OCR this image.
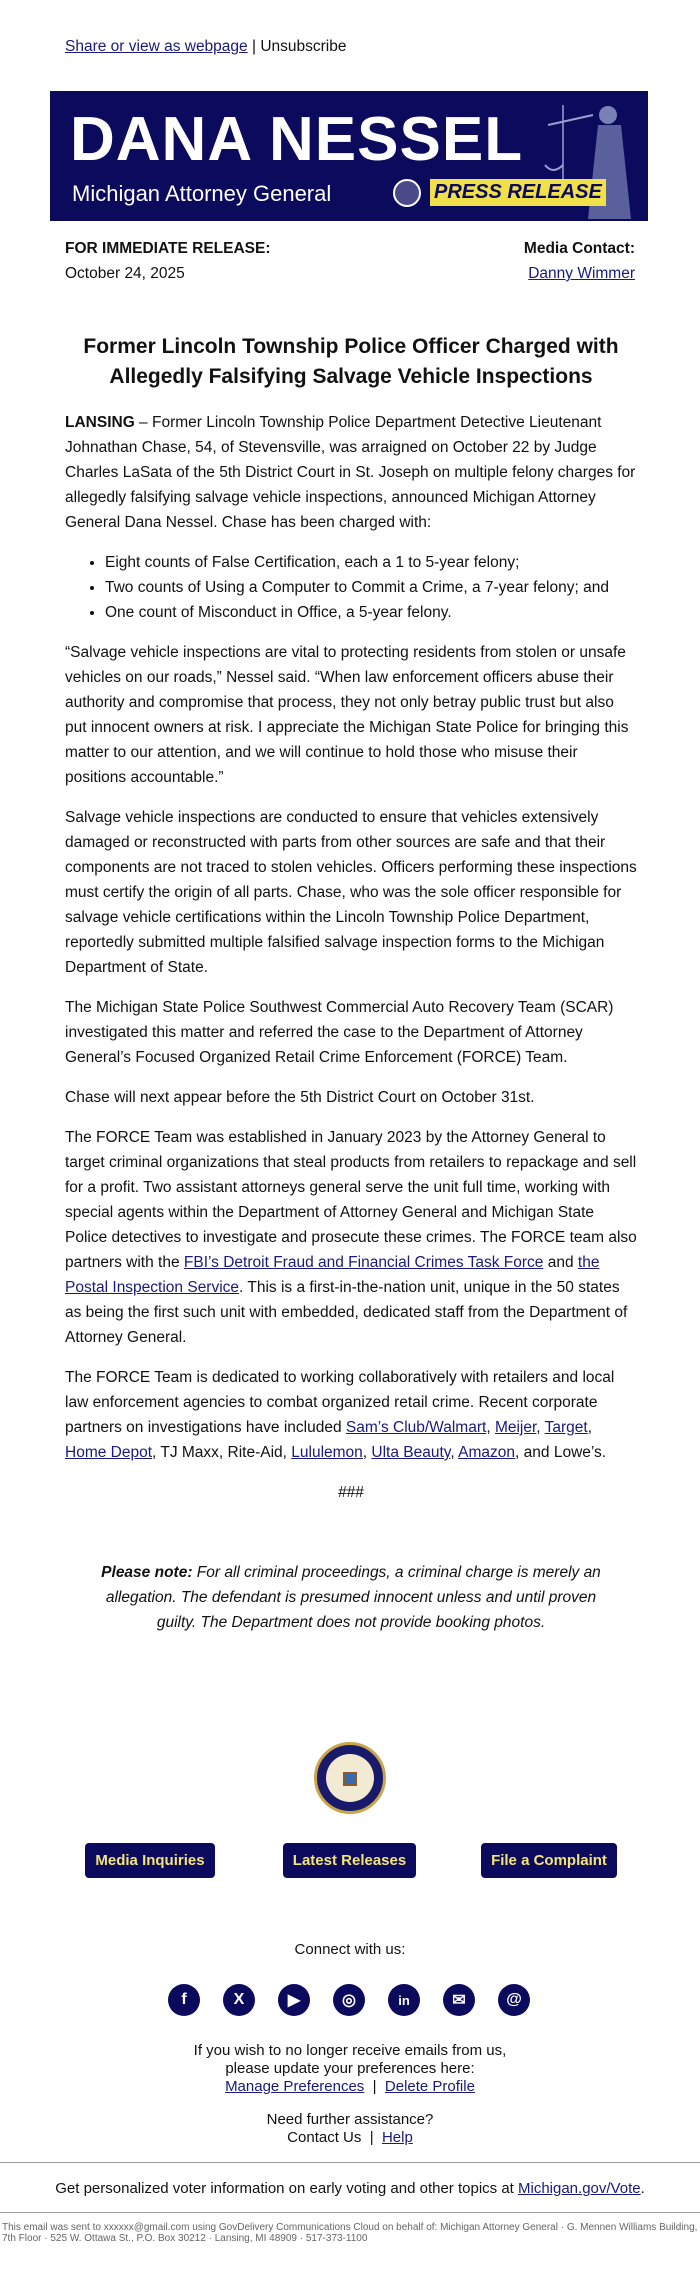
Share or view as webpage | Unsubscribe
DANA NESSEL
Michigan Attorney General	PRESS RELEASE
FOR IMMEDIATE RELEASE:
October 24, 2025
Media Contact:
Danny Wimmer
Former Lincoln Township Police Officer Charged with Allegedly Falsifying Salvage Vehicle Inspections

LANSING – Former Lincoln Township Police Department Detective Lieutenant Johnathan Chase, 54, of Stevensville, was arraigned on October 22 by Judge Charles LaSata of the 5th District Court in St. Joseph on multiple felony charges for allegedly falsifying salvage vehicle inspections, announced Michigan Attorney General Dana Nessel. Chase has been charged with:

• Eight counts of False Certification, each a 1 to 5-year felony;
• Two counts of Using a Computer to Commit a Crime, a 7-year felony; and
• One count of Misconduct in Office, a 5-year felony.

“Salvage vehicle inspections are vital to protecting residents from stolen or unsafe vehicles on our roads,” Nessel said. “When law enforcement officers abuse their authority and compromise that process, they not only betray public trust but also put innocent owners at risk. I appreciate the Michigan State Police for bringing this matter to our attention, and we will continue to hold those who misuse their positions accountable.”

Salvage vehicle inspections are conducted to ensure that vehicles extensively damaged or reconstructed with parts from other sources are safe and that their components are not traced to stolen vehicles. Officers performing these inspections must certify the origin of all parts. Chase, who was the sole officer responsible for salvage vehicle certifications within the Lincoln Township Police Department, reportedly submitted multiple falsified salvage inspection forms to the Michigan Department of State.

The Michigan State Police Southwest Commercial Auto Recovery Team (SCAR) investigated this matter and referred the case to the Department of Attorney General’s Focused Organized Retail Crime Enforcement (FORCE) Team.

Chase will next appear before the 5th District Court on October 31st.

The FORCE Team was established in January 2023 by the Attorney General to target criminal organizations that steal products from retailers to repackage and sell for a profit. Two assistant attorneys general serve the unit full time, working with special agents within the Department of Attorney General and Michigan State Police detectives to investigate and prosecute these crimes. The FORCE team also partners with the FBI’s Detroit Fraud and Financial Crimes Task Force and the Postal Inspection Service. This is a first-in-the-nation unit, unique in the 50 states as being the first such unit with embedded, dedicated staff from the Department of Attorney General.

The FORCE Team is dedicated to working collaboratively with retailers and local law enforcement agencies to combat organized retail crime. Recent corporate partners on investigations have included Sam’s Club/Walmart, Meijer, Target, Home Depot, TJ Maxx, Rite-Aid, Lululemon, Ulta Beauty, Amazon, and Lowe’s.

###

Please note: For all criminal proceedings, a criminal charge is merely an allegation. The defendant is presumed innocent unless and until proven guilty. The Department does not provide booking photos.

Media Inquiries	Latest Releases	File a Complaint
Connect with us:
f	X	▶	◎	in	✉	@
If you wish to no longer receive emails from us,
please update your preferences here:
Manage Preferences  |  Delete Profile
Need further assistance?
Contact Us  |  Help
Get personalized voter information on early voting and other topics at Michigan.gov/Vote.
This email was sent to xxxxxx@gmail.com using GovDelivery Communications Cloud on behalf of: Michigan Attorney General · G. Mennen Williams Building, 7th Floor · 525 W. Ottawa St., P.O. Box 30212 · Lansing, MI 48909 · 517-373-1100
